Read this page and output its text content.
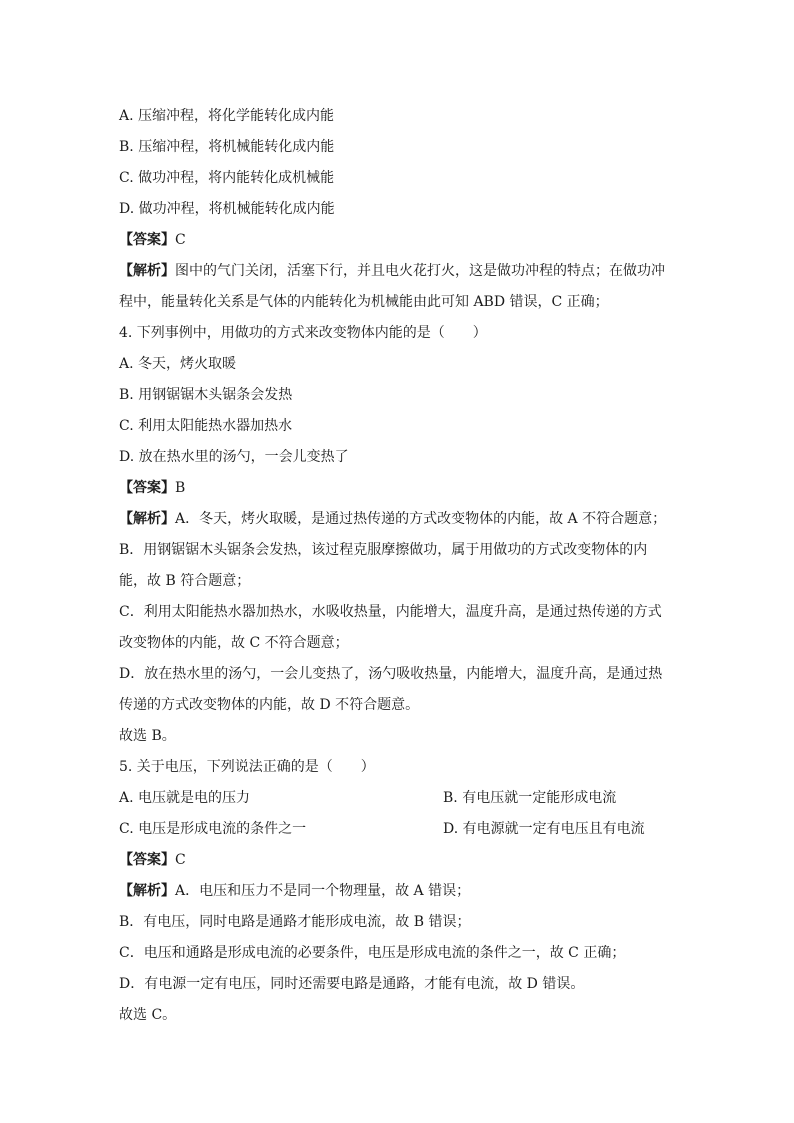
A. 压缩冲程，将化学能转化成内能
B. 压缩冲程，将机械能转化成内能
C. 做功冲程，将内能转化成机械能
D. 做功冲程，将机械能转化成内能
【答案】C
【解析】图中的气门关闭，活塞下行，并且电火花打火，这是做功冲程的特点；在做功冲
程中，能量转化关系是气体的内能转化为机械能由此可知 ABD 错误，C 正确；
4. 下列事例中，用做功的方式来改变物体内能的是（　　）
A. 冬天，烤火取暖
B. 用钢锯锯木头锯条会发热
C. 利用太阳能热水器加热水
D. 放在热水里的汤勺，一会儿变热了
【答案】B
【解析】A．冬天，烤火取暖，是通过热传递的方式改变物体的内能，故 A 不符合题意；
B．用钢锯锯木头锯条会发热，该过程克服摩擦做功，属于用做功的方式改变物体的内
能，故 B 符合题意；
C．利用太阳能热水器加热水，水吸收热量，内能增大，温度升高，是通过热传递的方式
改变物体的内能，故 C 不符合题意；
D．放在热水里的汤勺，一会儿变热了，汤勺吸收热量，内能增大，温度升高，是通过热
传递的方式改变物体的内能，故 D 不符合题意。
故选 B。
5. 关于电压，下列说法正确的是（　　）
A. 电压就是电的压力	B. 有电压就一定能形成电流
C. 电压是形成电流的条件之一	D. 有电源就一定有电压且有电流
【答案】C
【解析】A．电压和压力不是同一个物理量，故 A 错误；
B．有电压，同时电路是通路才能形成电流，故 B 错误；
C．电压和通路是形成电流的必要条件，电压是形成电流的条件之一，故 C 正确；
D．有电源一定有电压，同时还需要电路是通路，才能有电流，故 D 错误。
故选 C。
